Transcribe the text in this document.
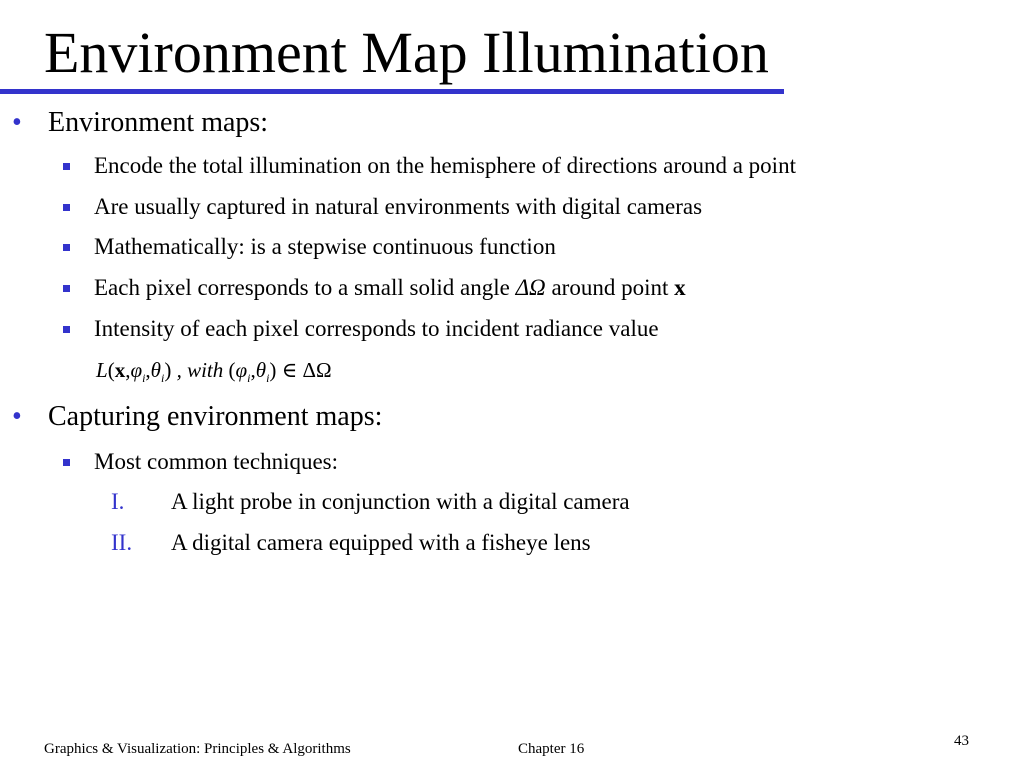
Environment Map Illumination
• Environment maps:
Encode the total illumination on the hemisphere of directions around a point
Are usually captured in natural environments with digital cameras
Mathematically: is a stepwise continuous function
Each pixel corresponds to a small solid angle ΔΩ around point x
Intensity of each pixel corresponds to incident radiance value
$L(x,\varphi_i,\theta_i)$ , with $(\varphi_i,\theta_i)$ ∈ ΔΩ
• Capturing environment maps:
Most common techniques:
I. A light probe in conjunction with a digital camera
II. A digital camera equipped with a fisheye lens
Graphics & Visualization: Principles & Algorithms	Chapter 16	43
